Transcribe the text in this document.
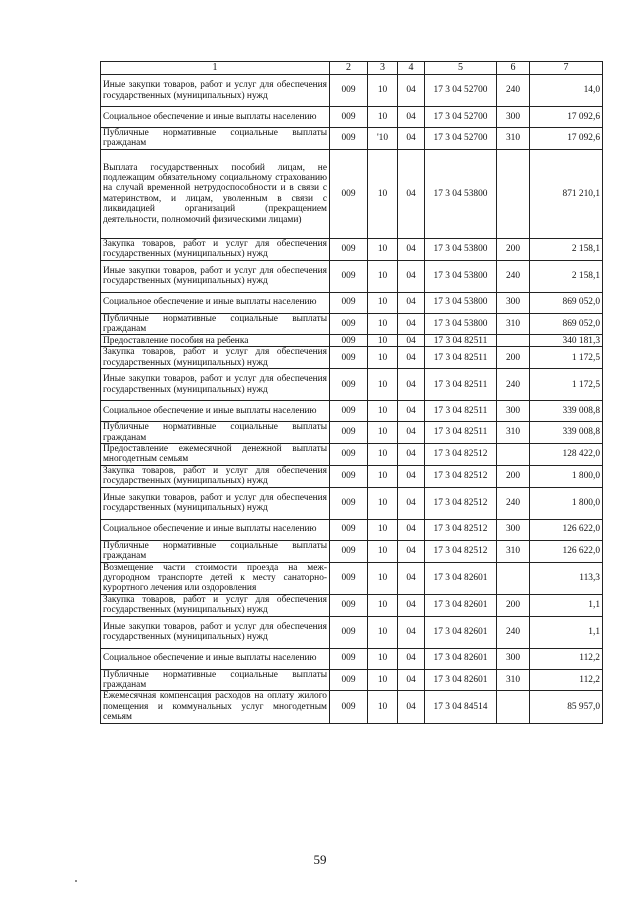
1	2	3	4	5	6	7
Иные закупки товаров, работ и услуг для обеспечения государственных (муниципальных) нужд	009	10	04	17 3 04 52700	240	14,0
Социальное обеспечение и иные выплаты населению	009	10	04	17 3 04 52700	300	17 092,6
Публичные нормативные социальные выплаты гражданам	009	'10	04	17 3 04 52700	310	17 092,6
Выплата государственных пособий лицам, не подлежащим обязательному социальному страхованию на случай временной нетрудоспособности и в связи с материнством, и лицам, уволенным в связи с ликвидацией организаций (прекращением деятельности, полномочий физическими лицами)	009	10	04	17 3 04 53800		871 210,1
Закупка товаров, работ и услуг для обеспечения государственных (муниципальных) нужд	009	10	04	17 3 04 53800	200	2 158,1
Иные закупки товаров, работ и услуг для обеспечения государственных (муниципальных) нужд	009	10	04	17 3 04 53800	240	2 158,1
Социальное обеспечение и иные выплаты населению	009	10	04	17 3 04 53800	300	869 052,0
Публичные нормативные социальные выплаты гражданам	009	10	04	17 3 04 53800	310	869 052,0
Предоставление пособия на ребенка	009	10	04	17 3 04 82511		340 181,3
Закупка товаров, работ и услуг для обеспечения государственных (муниципальных) нужд	009	10	04	17 3 04 82511	200	1 172,5
Иные закупки товаров, работ и услуг для обеспечения государственных (муниципальных) нужд	009	10	04	17 3 04 82511	240	1 172,5
Социальное обеспечение и иные выплаты населению	009	10	04	17 3 04 82511	300	339 008,8
Публичные нормативные социальные выплаты гражданам	009	10	04	17 3 04 82511	310	339 008,8
Предоставление ежемесячной денежной выплаты многодетным семьям	009	10	04	17 3 04 82512		128 422,0
Закупка товаров, работ и услуг для обеспечения государственных (муниципальных) нужд	009	10	04	17 3 04 82512	200	1 800,0
Иные закупки товаров, работ и услуг для обеспечения государственных (муниципальных) нужд	009	10	04	17 3 04 82512	240	1 800,0
Социальное обеспечение и иные выплаты населению	009	10	04	17 3 04 82512	300	126 622,0
Публичные нормативные социальные выплаты гражданам	009	10	04	17 3 04 82512	310	126 622,0
Возмещение части стоимости проезда на междугородном транспорте детей к месту санаторно-курортного лечения или оздоровления	009	10	04	17 3 04 82601		113,3
Закупка товаров, работ и услуг для обеспечения государственных (муниципальных) нужд	009	10	04	17 3 04 82601	200	1,1
Иные закупки товаров, работ и услуг для обеспечения государственных (муниципальных) нужд	009	10	04	17 3 04 82601	240	1,1
Социальное обеспечение и иные выплаты населению	009	10	04	17 3 04 82601	300	112,2
Публичные нормативные социальные выплаты гражданам	009	10	04	17 3 04 82601	310	112,2
Ежемесячная компенсация расходов на оплату жилого помещения и коммунальных услуг многодетным семьям	009	10	04	17 3 04 84514		85 957,0
59
